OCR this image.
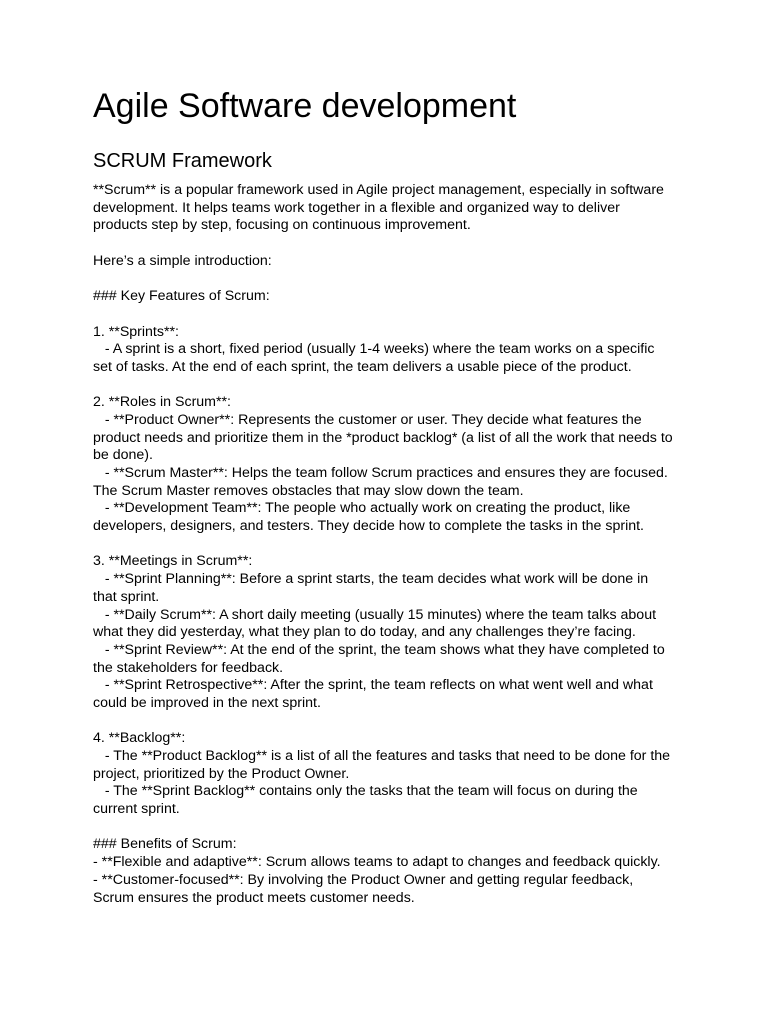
Agile Software development
SCRUM Framework

**Scrum** is a popular framework used in Agile project management, especially in software

development. It helps teams work together in a flexible and organized way to deliver

products step by step, focusing on continuous improvement.

Here’s a simple introduction:

### Key Features of Scrum:

1. **Sprints**:

- A sprint is a short, fixed period (usually 1-4 weeks) where the team works on a specific

set of tasks. At the end of each sprint, the team delivers a usable piece of the product.

2. **Roles in Scrum**:

- **Product Owner**: Represents the customer or user. They decide what features the

product needs and prioritize them in the *product backlog* (a list of all the work that needs to

be done).

- **Scrum Master**: Helps the team follow Scrum practices and ensures they are focused.

The Scrum Master removes obstacles that may slow down the team.

- **Development Team**: The people who actually work on creating the product, like

developers, designers, and testers. They decide how to complete the tasks in the sprint.

3. **Meetings in Scrum**:

- **Sprint Planning**: Before a sprint starts, the team decides what work will be done in

that sprint.

- **Daily Scrum**: A short daily meeting (usually 15 minutes) where the team talks about

what they did yesterday, what they plan to do today, and any challenges they’re facing.

- **Sprint Review**: At the end of the sprint, the team shows what they have completed to

the stakeholders for feedback.

- **Sprint Retrospective**: After the sprint, the team reflects on what went well and what

could be improved in the next sprint.

4. **Backlog**:

- The **Product Backlog** is a list of all the features and tasks that need to be done for the

project, prioritized by the Product Owner.

- The **Sprint Backlog** contains only the tasks that the team will focus on during the

current sprint.

### Benefits of Scrum:

- **Flexible and adaptive**: Scrum allows teams to adapt to changes and feedback quickly.

- **Customer-focused**: By involving the Product Owner and getting regular feedback,

Scrum ensures the product meets customer needs.
